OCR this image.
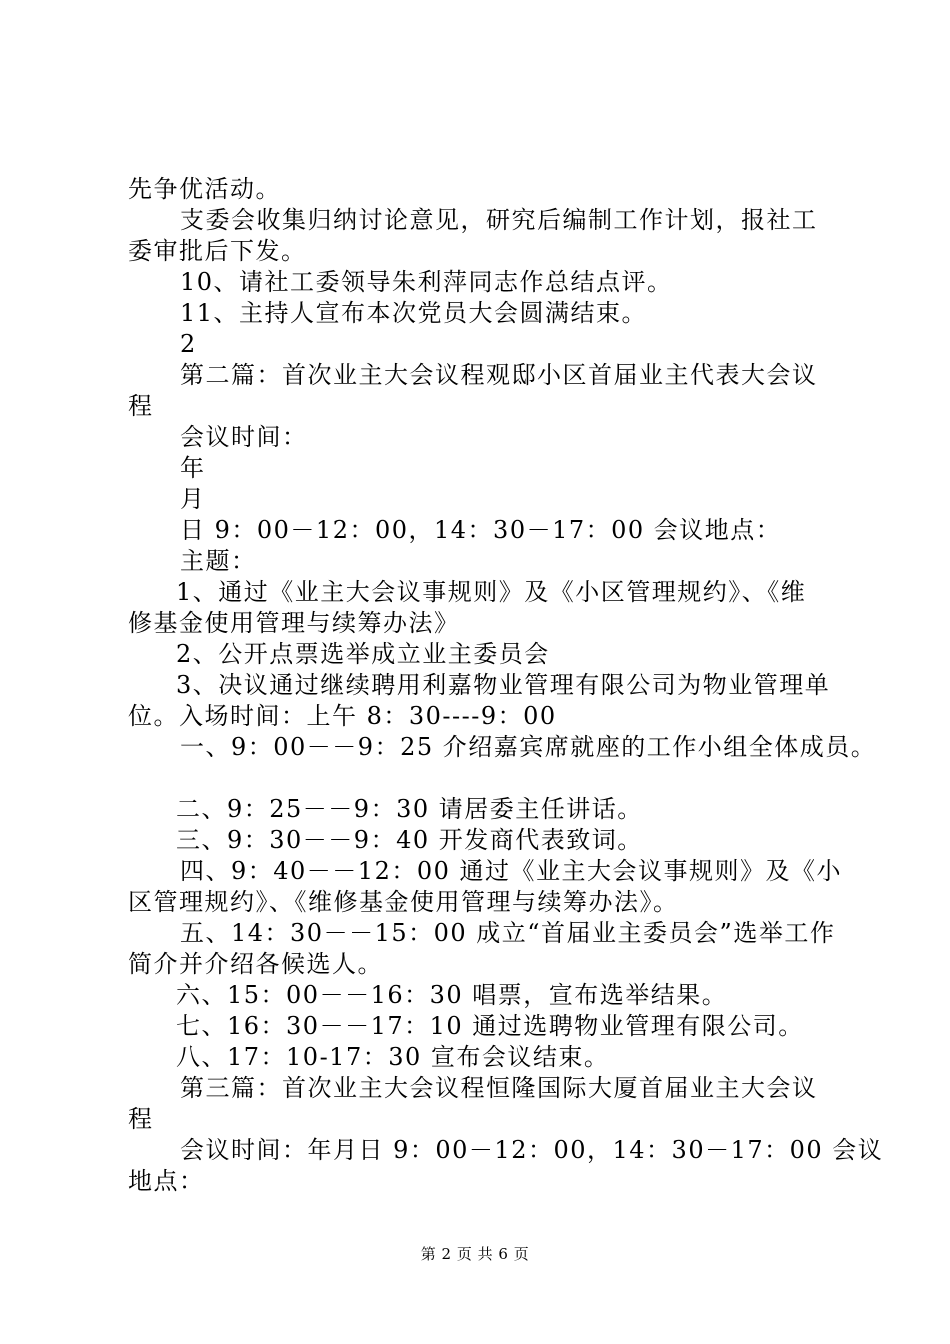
先争优活动。
支委会收集归纳讨论意见，研究后编制工作计划，报社工
委审批后下发。
10、请社工委领导朱利萍同志作总结点评。
11、主持人宣布本次党员大会圆满结束。
2
第二篇：首次业主大会议程观邸小区首届业主代表大会议
程
会议时间：
年
月
日 9：00－12：00，14：30－17：00 会议地点：
主题：
1、通过《业主大会议事规则》及《小区管理规约》、《维
修基金使用管理与续筹办法》
2、公开点票选举成立业主委员会
3、决议通过继续聘用利嘉物业管理有限公司为物业管理单
位。入场时间：上午 8：30----9：00
一、9：00－－9：25 介绍嘉宾席就座的工作小组全体成员。
二、9：25－－9：30 请居委主任讲话。
三、9：30－－9：40 开发商代表致词。
四、9：40－－12：00 通过《业主大会议事规则》及《小
区管理规约》、《维修基金使用管理与续筹办法》。
五、14：30－－15：00 成立“首届业主委员会”选举工作
简介并介绍各候选人。
六、15：00－－16：30 唱票，宣布选举结果。
七、16：30－－17：10 通过选聘物业管理有限公司。
八、17：10-17：30 宣布会议结束。
第三篇：首次业主大会议程恒隆国际大厦首届业主大会议
程
会议时间：年月日 9：00－12：00，14：30－17：00 会议
地点：
第 2 页 共 6 页
